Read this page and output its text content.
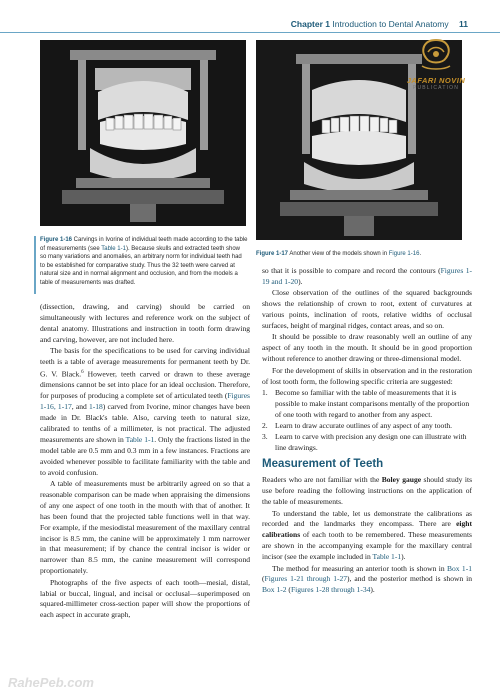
Chapter 1 Introduction to Dental Anatomy 11
JAFARI NOVIN
PUBLICATION
Figure 1-16 Carvings in Ivorine of individual teeth made according to the table of measurements (see Table 1-1). Because skulls and extracted teeth show so many variations and anomalies, an arbitrary norm for individual teeth had to be established for comparative study. Thus the 32 teeth were carved at natural size and in normal alignment and occlusion, and from the models a table of measurements was drafted.
Figure 1-17 Another view of the models shown in Figure 1-16.

(dissection, drawing, and carving) should be carried on simultaneously with lectures and reference work on the subject of dental anatomy. Illustrations and instruction in tooth form drawing and carving, however, are not included here.

The basis for the specifications to be used for carving individual teeth is a table of average measurements for permanent teeth by Dr. G. V. Black.$^6$ However, teeth carved or drawn to these average dimensions cannot be set into place for an ideal occlusion. Therefore, for purposes of producing a complete set of articulated teeth (Figures 1-16, 1-17, and 1-18) carved from Ivorine, minor changes have been made in Dr. Black's table. Also, carving teeth to natural size, calibrated to tenths of a millimeter, is not practical. The adjusted measurements are shown in Table 1-1. Only the fractions listed in the model table are 0.5 mm and 0.3 mm in a few instances. Fractions are avoided whenever possible to facilitate familiarity with the table and to avoid confusion.

A table of measurements must be arbitrarily agreed on so that a reasonable comparison can be made when appraising the dimensions of any one aspect of one tooth in the mouth with that of another. It has been found that the projected table functions well in that way. For example, if the mesiodistal measurement of the maxillary central incisor is 8.5 mm, the canine will be approximately 1 mm narrower in that measurement; if by chance the central incisor is wider or narrower than 8.5 mm, the canine measurement will correspond proportionately.

Photographs of the five aspects of each tooth—mesial, distal, labial or buccal, lingual, and incisal or occlusal—superimposed on squared-millimeter cross-section paper will show the proportions of each aspect in accurate graph,

so that it is possible to compare and record the contours (Figures 1-19 and 1-20).

Close observation of the outlines of the squared backgrounds shows the relationship of crown to root, extent of curvatures at various points, inclination of roots, relative widths of occlusal surfaces, height of marginal ridges, contact areas, and so on.

It should be possible to draw reasonably well an outline of any aspect of any tooth in the mouth. It should be in good proportion without reference to another drawing or three-dimensional model.

For the development of skills in observation and in the restoration of lost tooth form, the following specific criteria are suggested:

1. Become so familiar with the table of measurements that it is possible to make instant comparisons mentally of the proportion of one tooth with regard to another from any aspect.
2. Learn to draw accurate outlines of any aspect of any tooth.
3. Learn to carve with precision any design one can illustrate with line drawings.
Measurement of Teeth

Readers who are not familiar with the Boley gauge should study its use before reading the following instructions on the application of the table of measurements.

To understand the table, let us demonstrate the calibrations as recorded and the landmarks they encompass. There are eight calibrations of each tooth to be remembered. These measurements are shown in the accompanying example for the maxillary central incisor (see the example included in Table 1-1).

The method for measuring an anterior tooth is shown in Box 1-1 (Figures 1-21 through 1-27), and the posterior method is shown in Box 1-2 (Figures 1-28 through 1-34).

RahePeb.com
